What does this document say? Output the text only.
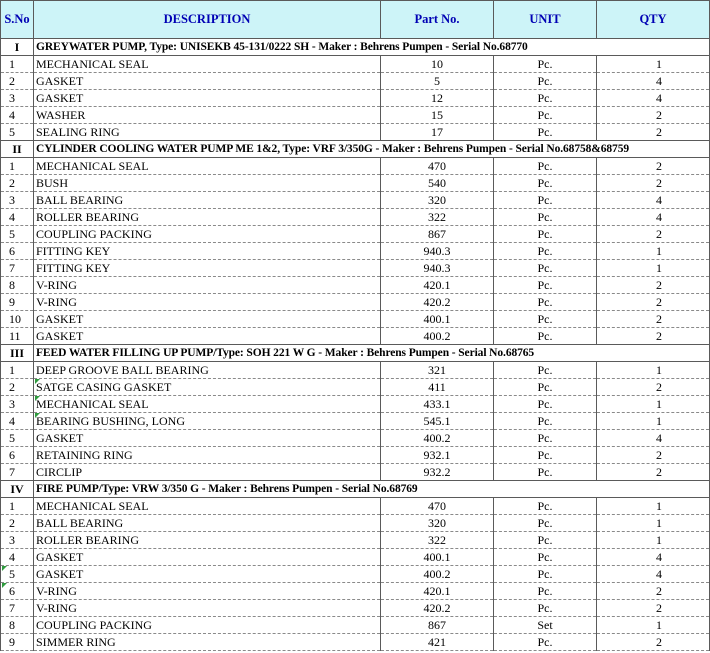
S.No	DESCRIPTION	Part No.	UNIT	QTY
I	GREYWATER PUMP, Type: UNISEKB 45-131/0222 SH - Maker : Behrens Pumpen - Serial No.68770			
1	MECHANICAL SEAL	10	Pc.	1
2	GASKET	5	Pc.	4
3	GASKET	12	Pc.	4
4	WASHER	15	Pc.	2
5	SEALING RING	17	Pc.	2
II	CYLINDER COOLING WATER PUMP ME 1&2, Type: VRF 3/350G - Maker : Behrens Pumpen - Serial No.68758&68759			
1	MECHANICAL SEAL	470	Pc.	2
2	BUSH	540	Pc.	2
3	BALL BEARING	320	Pc.	4
4	ROLLER BEARING	322	Pc.	4
5	COUPLING PACKING	867	Pc.	2
6	FITTING KEY	940.3	Pc.	1
7	FITTING KEY	940.3	Pc.	1
8	V-RING	420.1	Pc.	2
9	V-RING	420.2	Pc.	2
10	GASKET	400.1	Pc.	2
11	GASKET	400.2	Pc.	2
III	FEED WATER FILLING UP PUMP/Type: SOH 221 W G - Maker : Behrens Pumpen - Serial No.68765			
1	DEEP GROOVE BALL BEARING	321	Pc.	1
2	SATGE CASING GASKET	411	Pc.	2
3	MECHANICAL SEAL	433.1	Pc.	1
4	BEARING BUSHING, LONG	545.1	Pc.	1
5	GASKET	400.2	Pc.	4
6	RETAINING RING	932.1	Pc.	2
7	CIRCLIP	932.2	Pc.	2
IV	FIRE PUMP/Type: VRW 3/350 G - Maker : Behrens Pumpen - Serial No.68769			
1	MECHANICAL SEAL	470	Pc.	1
2	BALL BEARING	320	Pc.	1
3	ROLLER BEARING	322	Pc.	1
4	GASKET	400.1	Pc.	4
5	GASKET	400.2	Pc.	4
6	V-RING	420.1	Pc.	2
7	V-RING	420.2	Pc.	2
8	COUPLING PACKING	867	Set	1
9	SIMMER RING	421	Pc.	2
